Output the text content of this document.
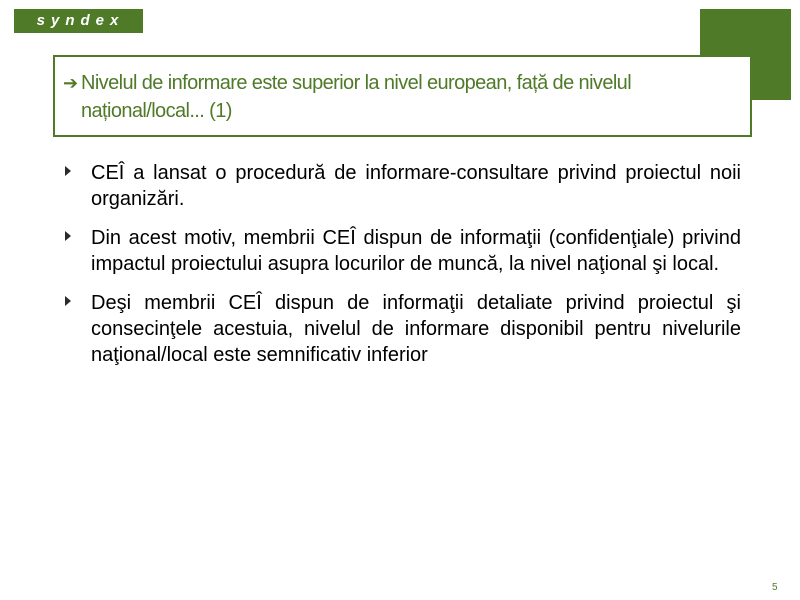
syndex
➔ Nivelul de informare este superior la nivel european, față de nivelul național/local... (1)
CEÎ a lansat o procedură de informare-consultare privind proiectul noii organizări.
Din acest motiv, membrii CEÎ dispun de informaţii (confidenţiale) privind impactul proiectului asupra locurilor de muncă, la nivel naţional şi local.
Deşi membrii CEÎ dispun de informaţii detaliate privind proiectul şi consecinţele acestuia, nivelul de informare disponibil pentru nivelurile naţional/local este semnificativ inferior
5
